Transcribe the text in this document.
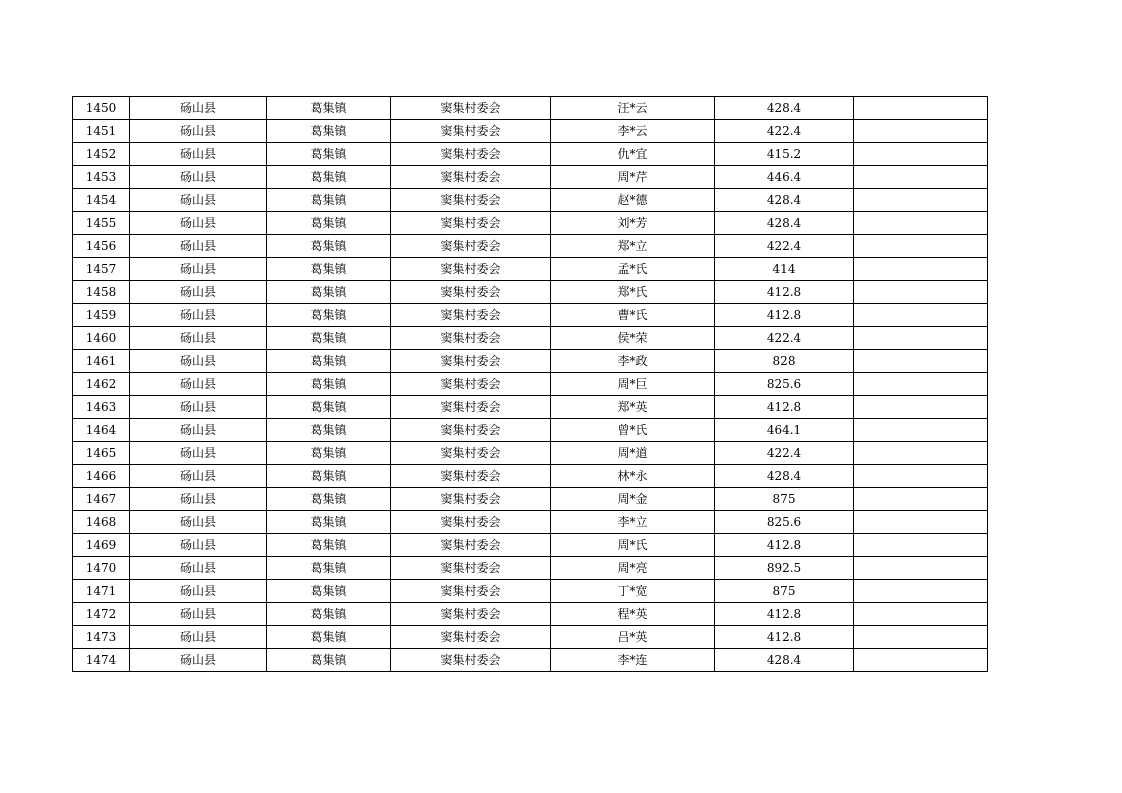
1450	砀山县	葛集镇	窦集村委会	汪*云	428.4	
1451	砀山县	葛集镇	窦集村委会	李*云	422.4	
1452	砀山县	葛集镇	窦集村委会	仇*宜	415.2	
1453	砀山县	葛集镇	窦集村委会	周*芹	446.4	
1454	砀山县	葛集镇	窦集村委会	赵*德	428.4	
1455	砀山县	葛集镇	窦集村委会	刘*芳	428.4	
1456	砀山县	葛集镇	窦集村委会	郑*立	422.4	
1457	砀山县	葛集镇	窦集村委会	孟*氏	414	
1458	砀山县	葛集镇	窦集村委会	郑*氏	412.8	
1459	砀山县	葛集镇	窦集村委会	曹*氏	412.8	
1460	砀山县	葛集镇	窦集村委会	侯*荣	422.4	
1461	砀山县	葛集镇	窦集村委会	李*政	828	
1462	砀山县	葛集镇	窦集村委会	周*巨	825.6	
1463	砀山县	葛集镇	窦集村委会	郑*英	412.8	
1464	砀山县	葛集镇	窦集村委会	曾*氏	464.1	
1465	砀山县	葛集镇	窦集村委会	周*道	422.4	
1466	砀山县	葛集镇	窦集村委会	林*永	428.4	
1467	砀山县	葛集镇	窦集村委会	周*金	875	
1468	砀山县	葛集镇	窦集村委会	李*立	825.6	
1469	砀山县	葛集镇	窦集村委会	周*氏	412.8	
1470	砀山县	葛集镇	窦集村委会	周*亮	892.5	
1471	砀山县	葛集镇	窦集村委会	丁*宽	875	
1472	砀山县	葛集镇	窦集村委会	程*英	412.8	
1473	砀山县	葛集镇	窦集村委会	吕*英	412.8	
1474	砀山县	葛集镇	窦集村委会	李*连	428.4	
